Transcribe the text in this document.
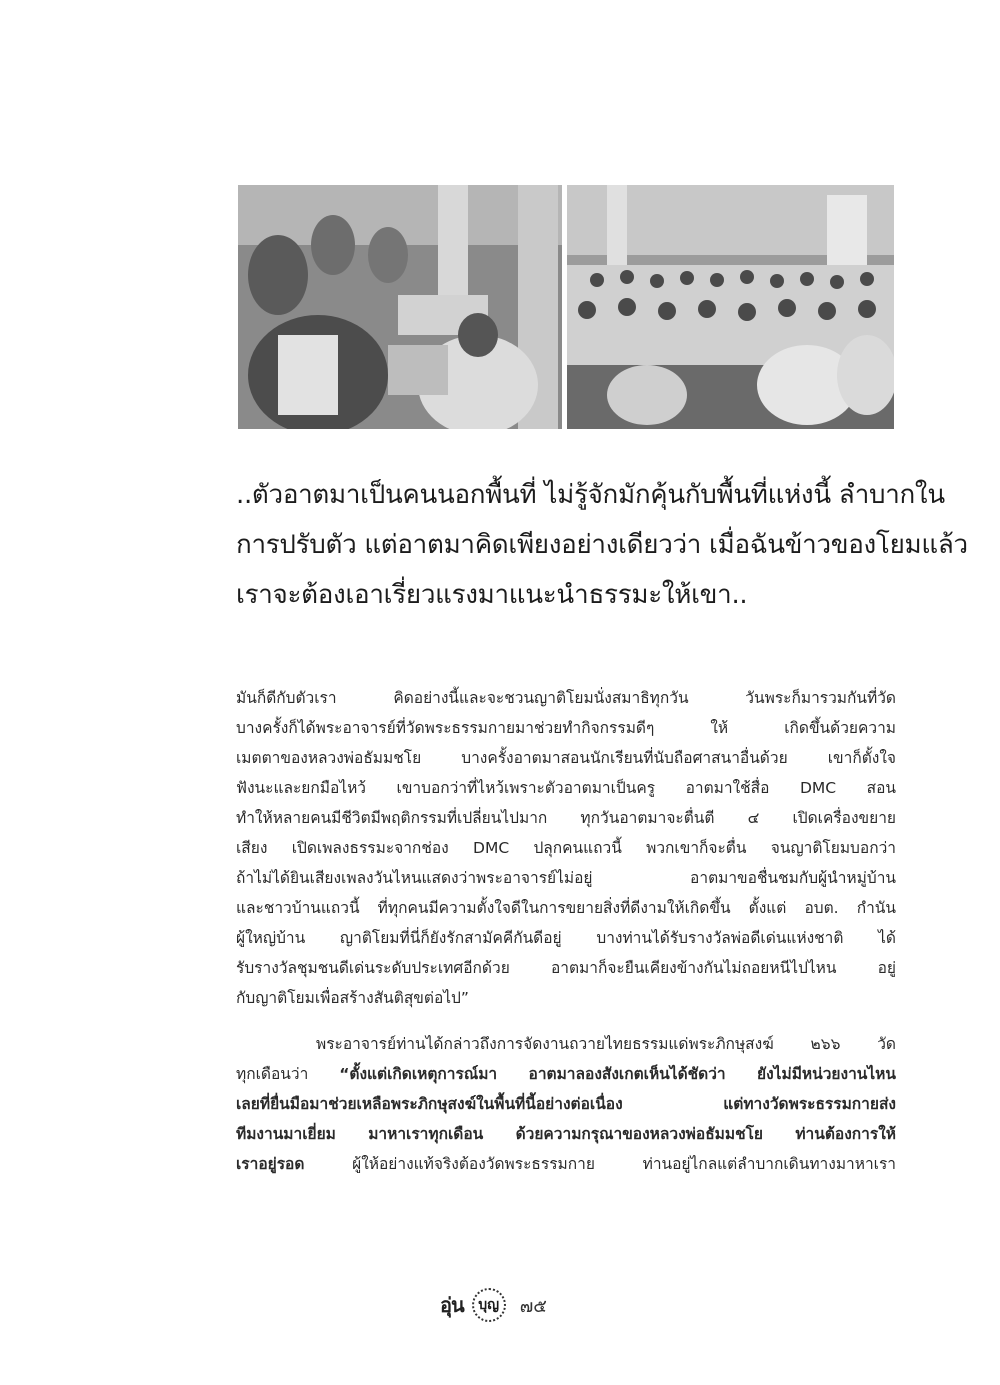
..ตัวอาตมาเป็นคนนอกพื้นที่ ไม่รู้จักมักคุ้นกับพื้นที่แห่งนี้ ลำบากใน

การปรับตัว แต่อาตมาคิดเพียงอย่างเดียวว่า เมื่อฉันข้าวของโยมแล้ว

เราจะต้องเอาเรี่ยวแรงมาแนะนำธรรมะให้เขา..

มันก็ดีกับตัวเรา คิดอย่างนี้และจะชวนญาติโยมนั่งสมาธิทุกวัน วันพระก็มารวมกันที่วัด
บางครั้งก็ได้พระอาจารย์ที่วัดพระธรรมกายมาช่วยทำกิจกรรมดีๆ ให้ เกิดขึ้นด้วยความ
เมตตาของหลวงพ่อธัมมชโย บางครั้งอาตมาสอนนักเรียนที่นับถือศาสนาอื่นด้วย เขาก็ตั้งใจ
ฟังนะและยกมือไหว้ เขาบอกว่าที่ไหว้เพราะตัวอาตมาเป็นครู อาตมาใช้สื่อ DMC สอน
ทำให้หลายคนมีชีวิตมีพฤติกรรมที่เปลี่ยนไปมาก ทุกวันอาตมาจะตื่นตี ๔ เปิดเครื่องขยาย
เสียง เปิดเพลงธรรมะจากช่อง DMC ปลุกคนแถวนี้ พวกเขาก็จะตื่น จนญาติโยมบอกว่า
ถ้าไม่ได้ยินเสียงเพลงวันไหนแสดงว่าพระอาจารย์ไม่อยู่ อาตมาขอชื่นชมกับผู้นำหมู่บ้าน
และชาวบ้านแถวนี้ ที่ทุกคนมีความตั้งใจดีในการขยายสิ่งที่ดีงามให้เกิดขึ้น ตั้งแต่ อบต. กำนัน
ผู้ใหญ่บ้าน ญาติโยมที่นี่ก็ยังรักสามัคคีกันดีอยู่ บางท่านได้รับรางวัลพ่อดีเด่นแห่งชาติ ได้
รับรางวัลชุมชนดีเด่นระดับประเทศอีกด้วย อาตมาก็จะยืนเคียงข้างกันไม่ถอยหนีไปไหน อยู่
กับญาติโยมเพื่อสร้างสันติสุขต่อไป”
พระอาจารย์ท่านได้กล่าวถึงการจัดงานถวายไทยธรรมแด่พระภิกษุสงฆ์ ๒๖๖ วัด
ทุกเดือนว่า “ตั้งแต่เกิดเหตุการณ์มา อาตมาลองสังเกตเห็นได้ชัดว่า ยังไม่มีหน่วยงานไหน
เลยที่ยื่นมือมาช่วยเหลือพระภิกษุสงฆ์ในพื้นที่นี้อย่างต่อเนื่อง แต่ทางวัดพระธรรมกายส่ง
ทีมงานมาเยี่ยม มาหาเราทุกเดือน ด้วยความกรุณาของหลวงพ่อธัมมชโย ท่านต้องการให้
เราอยู่รอด ผู้ให้อย่างแท้จริงต้องวัดพระธรรมกาย ท่านอยู่ไกลแต่ลำบากเดินทางมาหาเรา
อุ่น บุญ ๗๕
